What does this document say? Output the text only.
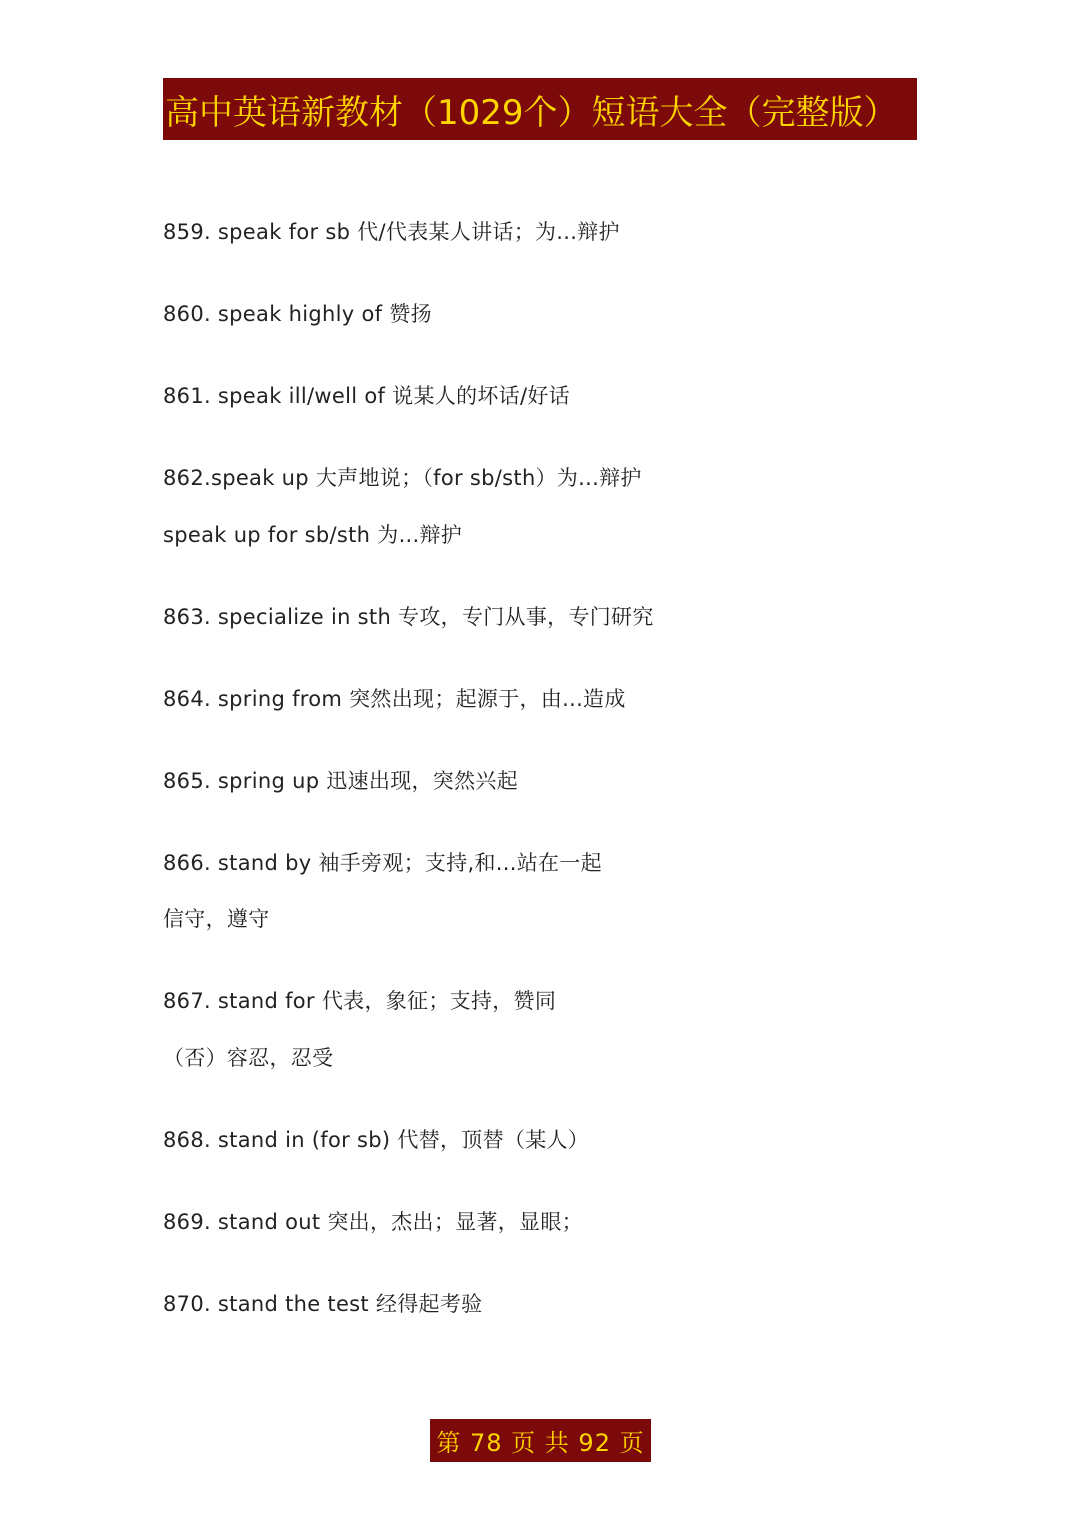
高中英语新教材（1029个）短语大全（完整版）
859. speak for sb 代/代表某人讲话；为...辩护
860. speak highly of 赞扬
861. speak ill/well of 说某人的坏话/好话
862.speak up 大声地说；（for sb/sth）为...辩护
speak up for sb/sth 为...辩护
863. specialize in sth 专攻，专门从事，专门研究
864. spring from 突然出现；起源于，由...造成
865. spring up 迅速出现，突然兴起
866. stand by 袖手旁观；支持,和...站在一起
信守，遵守
867. stand for 代表，象征；支持，赞同
（否）容忍，忍受
868. stand in (for sb) 代替，顶替（某人）
869. stand out 突出，杰出；显著，显眼；
870. stand the test 经得起考验
第 78 页 共 92 页
